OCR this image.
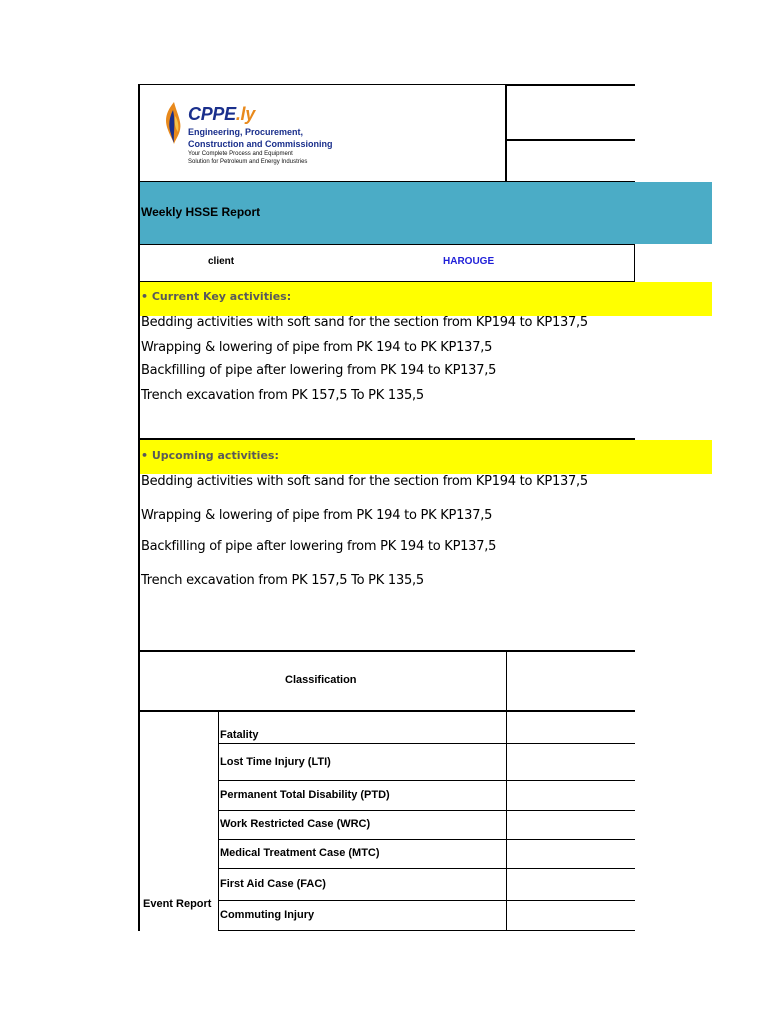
CPPE.ly
Engineering, Procurement,
Construction and Commissioning
Your Complete Process and Equipment
Solution for Petroleum and Energy Industries
Weekly HSSE Report
client	HAROUGE
• Current Key activities:
Bedding activities with soft sand for the section from KP194 to KP137,5
Wrapping & lowering of pipe from PK 194 to PK KP137,5
Backfilling of pipe after lowering from PK 194 to KP137,5
Trench excavation from PK 157,5 To PK 135,5
• Upcoming activities:
Bedding activities with soft sand for the section from KP194 to KP137,5
Wrapping & lowering of pipe from PK 194 to PK KP137,5
Backfilling of pipe after lowering from PK 194 to KP137,5
Trench excavation from PK 157,5 To PK 135,5
Classification
Event Report
Fatality
Lost Time Injury (LTI)
Permanent Total Disability (PTD)
Work Restricted Case (WRC)
Medical Treatment Case (MTC)
First Aid Case (FAC)
Commuting Injury
